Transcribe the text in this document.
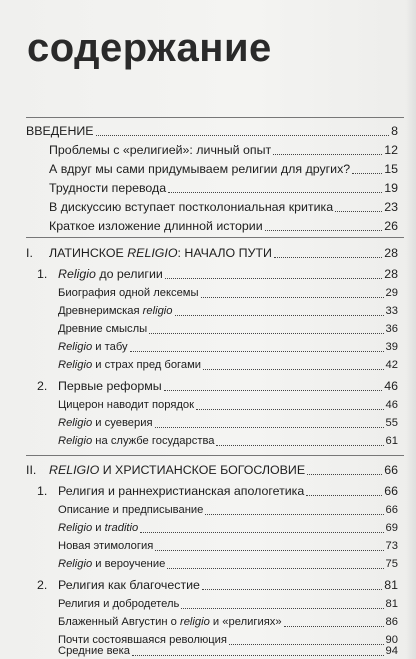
содержание
ВВЕДЕНИЕ	8
Проблемы с «религией»: личный опыт	12
А вдруг мы сами придумываем религии для других?	15
Трудности перевода	19
В дискуссию вступает постколониальная критика	23
Краткое изложение длинной истории	26
I.	ЛАТИНСКОЕ RELIGIO: НАЧАЛО ПУТИ	28
1. Religio до религии	28
Биография одной лексемы	29
Древнеримская religio	33
Древние смыслы	36
Religio и табу	39
Religio и страх пред богами	42
2. Первые реформы	46
Цицерон наводит порядок	46
Religio и суеверия	55
Religio на службе государства	61
II.	RELIGIO И ХРИСТИАНСКОЕ БОГОСЛОВИЕ	66
1. Религия и раннехристианская апологетика	66
Описание и предписывание	66
Religio и traditio	69
Новая этимология	73
Religio и вероучение	75
2. Религия как благочестие	81
Религия и добродетель	81
Блаженный Августин о religio и «религиях»	86
Почти состоявшаяся революция	90
Средние века	94
